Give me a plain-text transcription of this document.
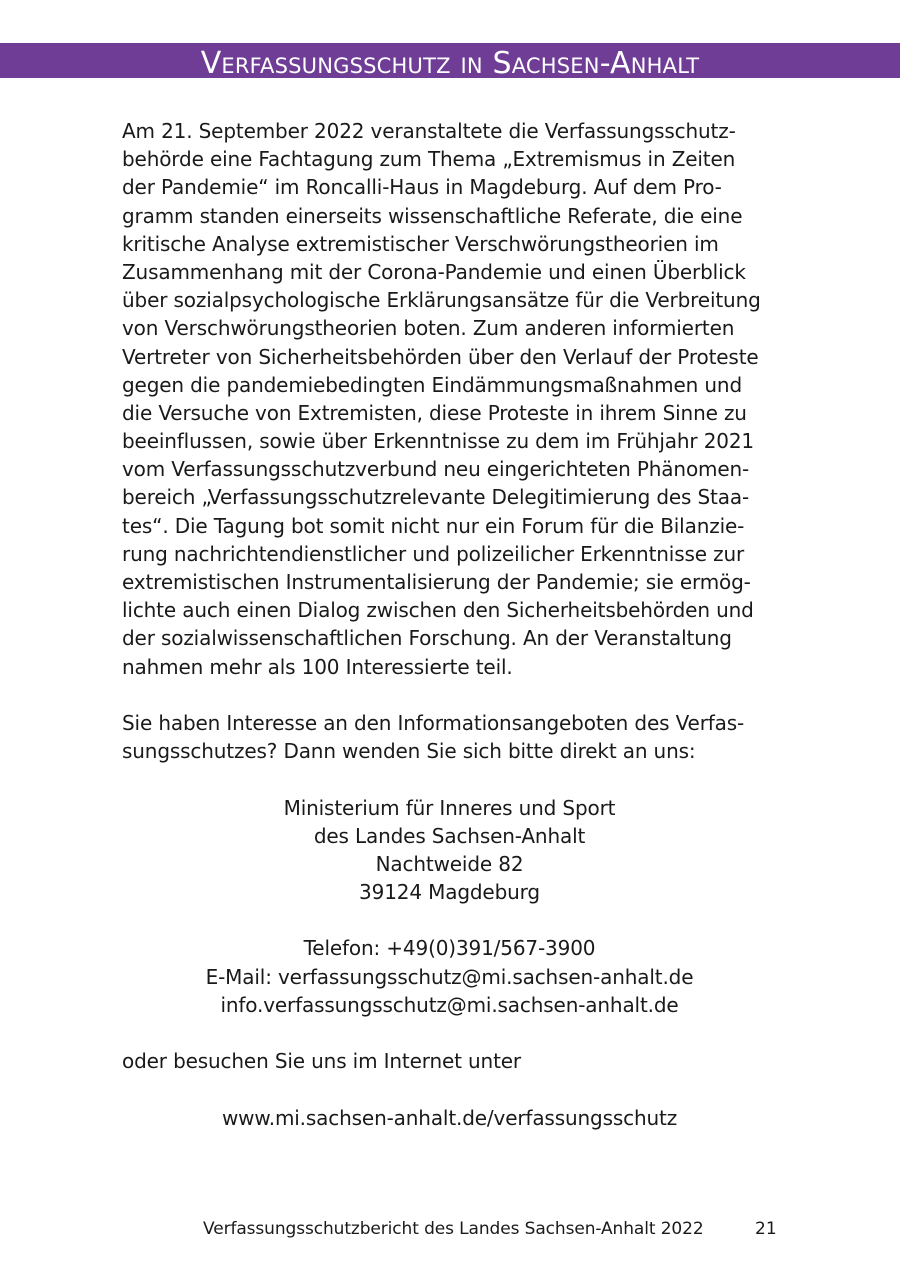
Verfassungsschutz in Sachsen-Anhalt
Am 21. September 2022 veranstaltete die Verfassungsschutz-
behörde eine Fachtagung zum Thema „Extremismus in Zeiten
der Pandemie“ im Roncalli-Haus in Magdeburg. Auf dem Pro-
gramm standen einerseits wissenschaftliche Referate, die eine
kritische Analyse extremistischer Verschwörungstheorien im
Zusammenhang mit der Corona-Pandemie und einen Überblick
über sozialpsychologische Erklärungsansätze für die Verbreitung
von Verschwörungstheorien boten. Zum anderen informierten
Vertreter von Sicherheitsbehörden über den Verlauf der Proteste
gegen die pandemiebedingten Eindämmungsmaßnahmen und
die Versuche von Extremisten, diese Proteste in ihrem Sinne zu
beeinflussen, sowie über Erkenntnisse zu dem im Frühjahr 2021
vom Verfassungsschutzverbund neu eingerichteten Phänomen-
bereich „Verfassungsschutzrelevante Delegitimierung des Staa-
tes“. Die Tagung bot somit nicht nur ein Forum für die Bilanzie-
rung nachrichtendienstlicher und polizeilicher Erkenntnisse zur
extremistischen Instrumentalisierung der Pandemie; sie ermög-
lichte auch einen Dialog zwischen den Sicherheitsbehörden und
der sozialwissenschaftlichen Forschung. An der Veranstaltung
nahmen mehr als 100 Interessierte teil.
Sie haben Interesse an den Informationsangeboten des Verfas-
sungsschutzes? Dann wenden Sie sich bitte direkt an uns:
Ministerium für Inneres und Sport
des Landes Sachsen-Anhalt
Nachtweide 82
39124 Magdeburg
Telefon: +49(0)391/567-3900
E-Mail: verfassungsschutz@mi.sachsen-anhalt.de
info.verfassungsschutz@mi.sachsen-anhalt.de
oder besuchen Sie uns im Internet unter
www.mi.sachsen-anhalt.de/verfassungsschutz
Verfassungsschutzbericht des Landes Sachsen-Anhalt 2022	21
